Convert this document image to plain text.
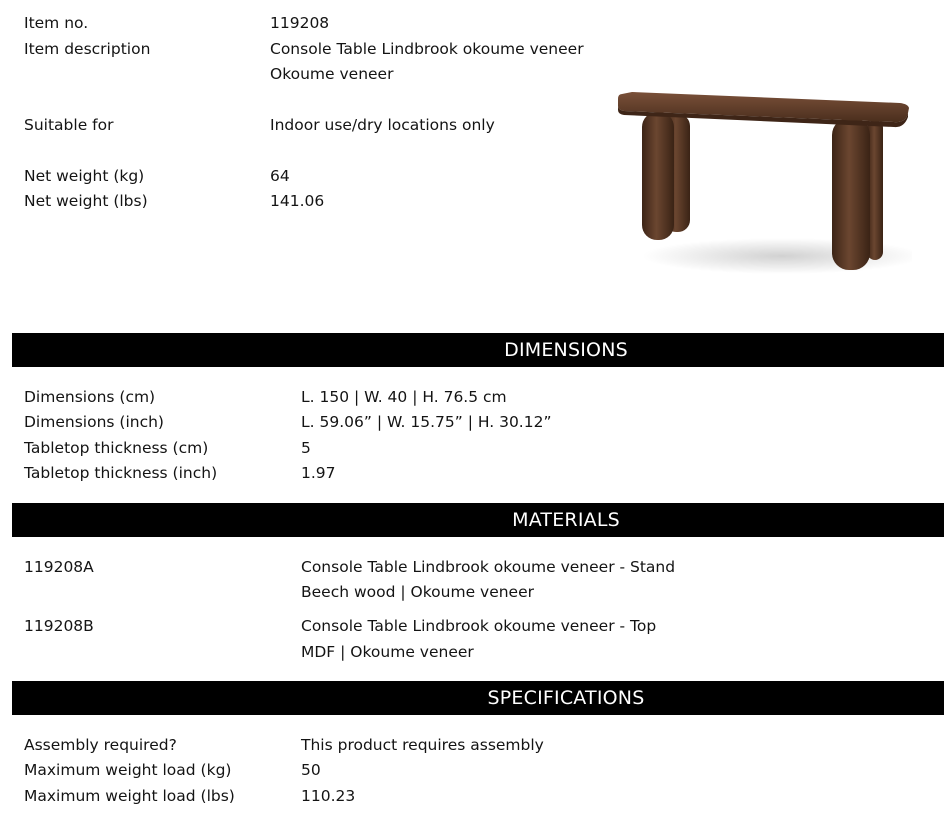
Item no.	119208
Item description	Console Table Lindbrook okoume veneer
Okoume veneer
Suitable for	Indoor use/dry locations only
Net weight (kg)	64
Net weight (lbs)	141.06
DIMENSIONS
Dimensions (cm)	L. 150 | W. 40 | H. 76.5 cm
Dimensions (inch)	L. 59.06” | W. 15.75” | H. 30.12”
Tabletop thickness (cm)	5
Tabletop thickness (inch)	1.97
MATERIALS
119208A	Console Table Lindbrook okoume veneer - Stand
Beech wood | Okoume veneer
119208B	Console Table Lindbrook okoume veneer - Top
MDF | Okoume veneer
SPECIFICATIONS
Assembly required?	This product requires assembly
Maximum weight load (kg)	50
Maximum weight load (lbs)	110.23
